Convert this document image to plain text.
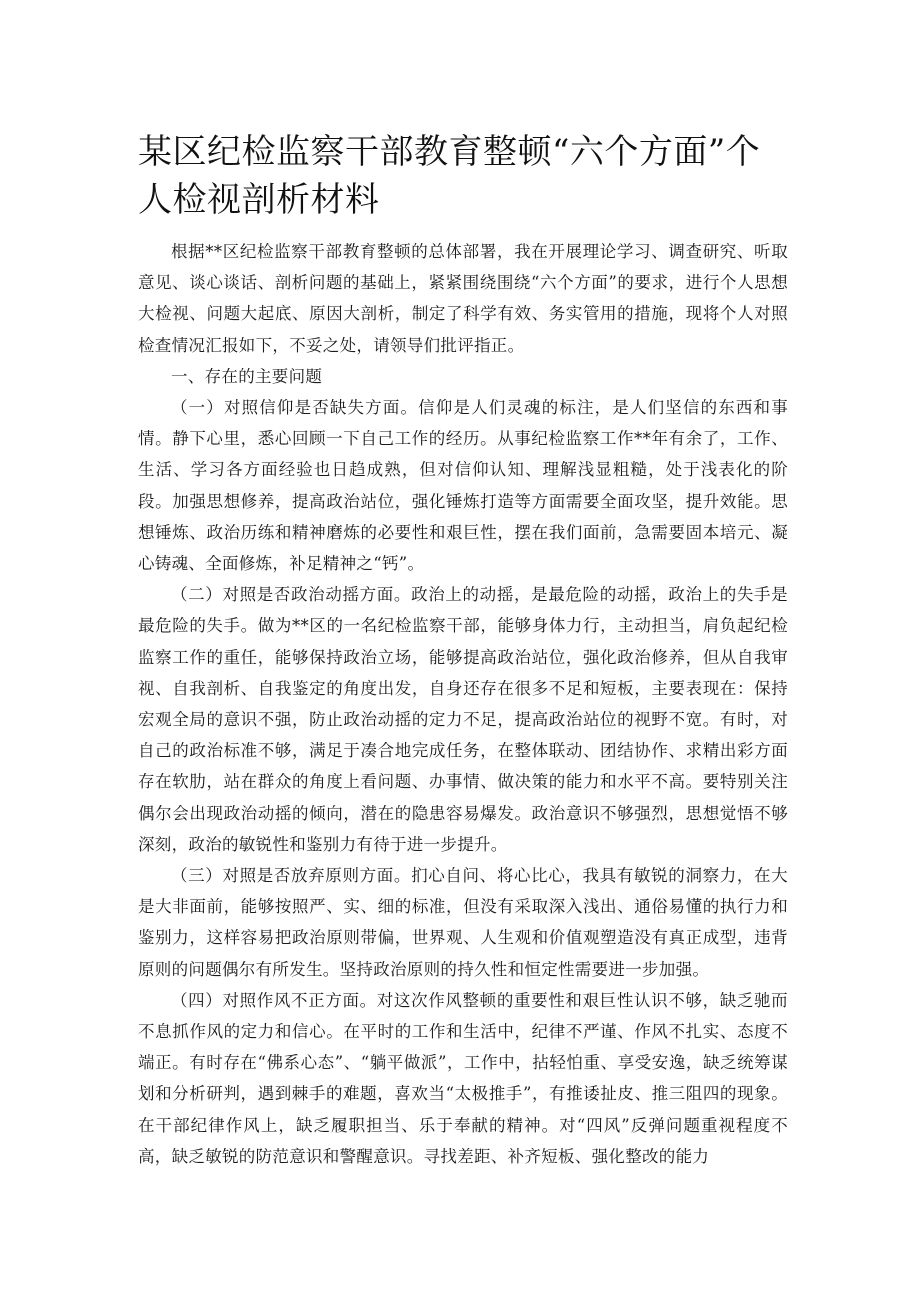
某区纪检监察干部教育整顿“六个方面”个人检视剖析材料

根据**区纪检监察干部教育整顿的总体部署，我在开展理论学习、调查研究、听取意见、谈心谈话、剖析问题的基础上，紧紧围绕围绕“六个方面”的要求，进行个人思想大检视、问题大起底、原因大剖析，制定了科学有效、务实管用的措施，现将个人对照检查情况汇报如下，不妥之处，请领导们批评指正。

一、存在的主要问题

（一）对照信仰是否缺失方面。信仰是人们灵魂的标注，是人们坚信的东西和事情。静下心里，悉心回顾一下自己工作的经历。从事纪检监察工作**年有余了，工作、生活、学习各方面经验也日趋成熟，但对信仰认知、理解浅显粗糙，处于浅表化的阶段。加强思想修养，提高政治站位，强化锤炼打造等方面需要全面攻坚，提升效能。思想锤炼、政治历练和精神磨炼的必要性和艰巨性，摆在我们面前，急需要固本培元、凝心铸魂、全面修炼，补足精神之“钙”。

（二）对照是否政治动摇方面。政治上的动摇，是最危险的动摇，政治上的失手是最危险的失手。做为**区的一名纪检监察干部，能够身体力行，主动担当，肩负起纪检监察工作的重任，能够保持政治立场，能够提高政治站位，强化政治修养，但从自我审视、自我剖析、自我鉴定的角度出发，自身还存在很多不足和短板，主要表现在：保持宏观全局的意识不强，防止政治动摇的定力不足，提高政治站位的视野不宽。有时，对自己的政治标准不够，满足于凑合地完成任务，在整体联动、团结协作、求精出彩方面存在软肋，站在群众的角度上看问题、办事情、做决策的能力和水平不高。要特别关注偶尔会出现政治动摇的倾向，潜在的隐患容易爆发。政治意识不够强烈，思想觉悟不够深刻，政治的敏锐性和鉴别力有待于进一步提升。

（三）对照是否放弃原则方面。扪心自问、将心比心，我具有敏锐的洞察力，在大是大非面前，能够按照严、实、细的标准，但没有采取深入浅出、通俗易懂的执行力和鉴别力，这样容易把政治原则带偏，世界观、人生观和价值观塑造没有真正成型，违背原则的问题偶尔有所发生。坚持政治原则的持久性和恒定性需要进一步加强。

（四）对照作风不正方面。对这次作风整顿的重要性和艰巨性认识不够，缺乏驰而不息抓作风的定力和信心。在平时的工作和生活中，纪律不严谨、作风不扎实、态度不端正。有时存在“佛系心态”、“躺平做派”，工作中，拈轻怕重、享受安逸，缺乏统筹谋划和分析研判，遇到棘手的难题，喜欢当“太极推手”，有推诿扯皮、推三阻四的现象。在干部纪律作风上，缺乏履职担当、乐于奉献的精神。对“四风”反弹问题重视程度不高，缺乏敏锐的防范意识和警醒意识。寻找差距、补齐短板、强化整改的能力
